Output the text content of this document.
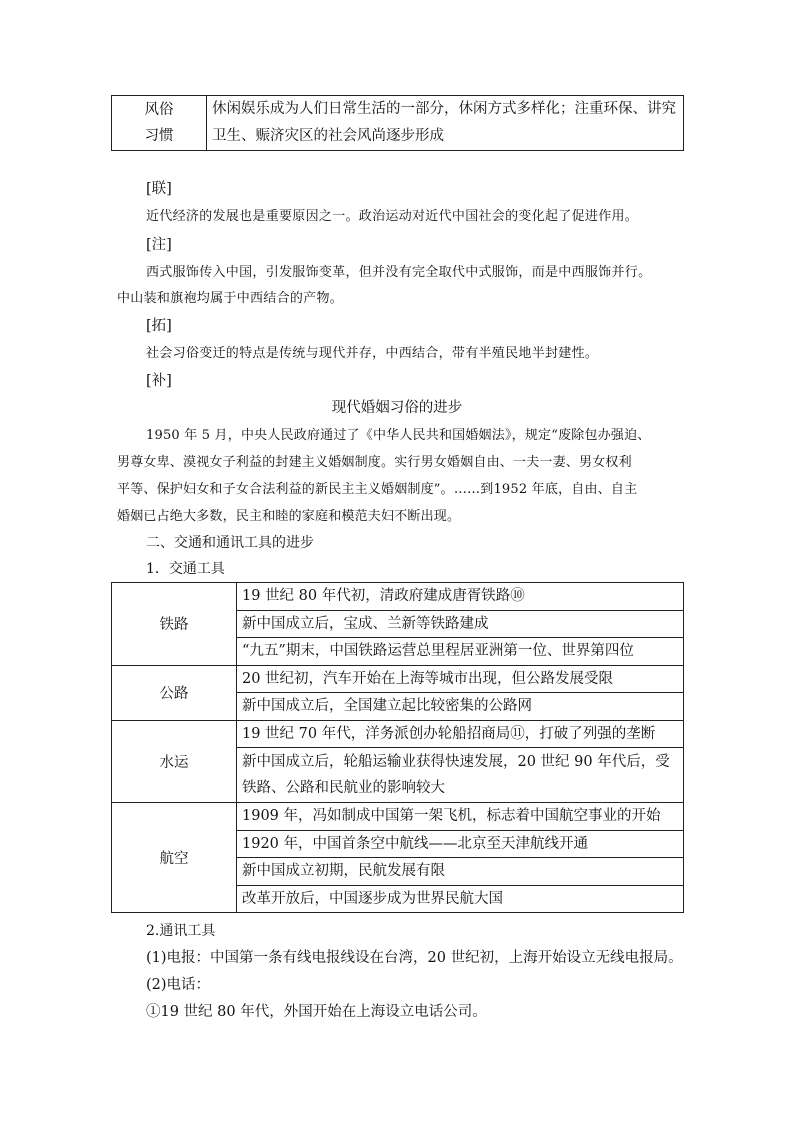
风俗
习惯
	休闲娱乐成为人们日常生活的一部分，休闲方式多样化；注重环保、讲究卫生、赈济灾区的社会风尚逐步形成
[联]
近代经济的发展也是重要原因之一。政治运动对近代中国社会的变化起了促进作用。
[注]
西式服饰传入中国，引发服饰变革，但并没有完全取代中式服饰，而是中西服饰并行。
中山装和旗袍均属于中西结合的产物。
[拓]
社会习俗变迁的特点是传统与现代并存，中西结合，带有半殖民地半封建性。
[补]
现代婚姻习俗的进步
1950 年 5 月，中央人民政府通过了《中华人民共和国婚姻法》，规定“废除包办强迫、
男尊女卑、漠视女子利益的封建主义婚姻制度。实行男女婚姻自由、一夫一妻、男女权利
平等、保护妇女和子女合法利益的新民主主义婚姻制度”。……到1952 年底，自由、自主
婚姻已占绝大多数，民主和睦的家庭和模范夫妇不断出现。
二、交通和通讯工具的进步
1．交通工具
铁路	19 世纪 80 年代初，清政府建成唐胥铁路⑩
	新中国成立后，宝成、兰新等铁路建成
	“九五”期末，中国铁路运营总里程居亚洲第一位、世界第四位
公路	20 世纪初，汽车开始在上海等城市出现，但公路发展受限
	新中国成立后，全国建立起比较密集的公路网
水运	19 世纪 70 年代，洋务派创办轮船招商局⑪，打破了列强的垄断
	新中国成立后，轮船运输业获得快速发展，20 世纪 90 年代后，受铁路、公路和民航业的影响较大
航空	1909 年，冯如制成中国第一架飞机，标志着中国航空事业的开始
	1920 年，中国首条空中航线——北京至天津航线开通
	新中国成立初期，民航发展有限
	改革开放后，中国逐步成为世界民航大国
2.通讯工具
(1)电报：中国第一条有线电报线设在台湾，20 世纪初，上海开始设立无线电报局。
(2)电话：
①19 世纪 80 年代，外国开始在上海设立电话公司。
